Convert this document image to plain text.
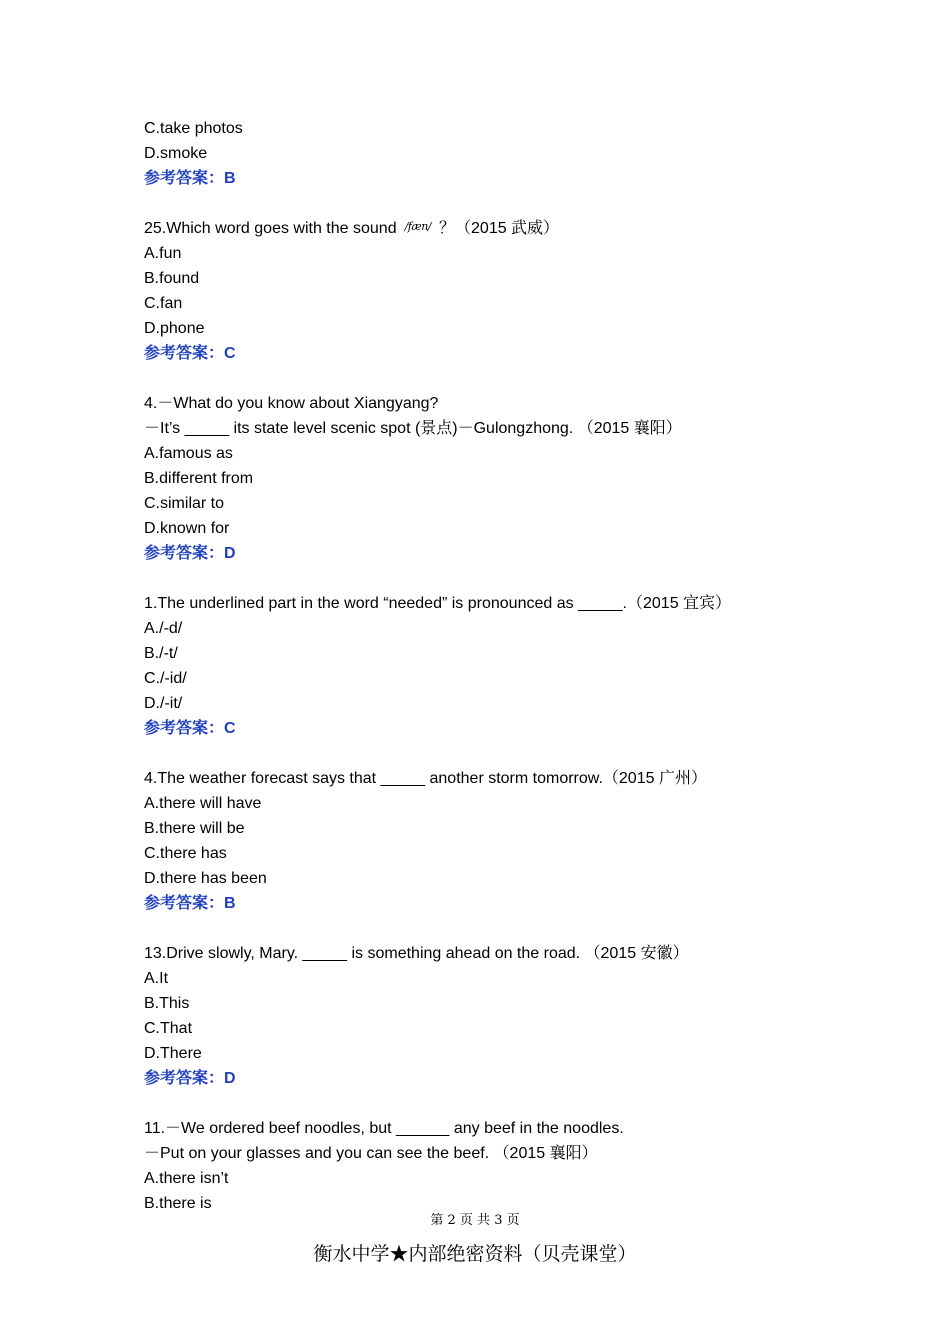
C.take photos
D.smoke
参考答案：B
25.Which word goes with the sound /fæn/ ？（2015 武威）
A.fun
B.found
C.fan
D.phone
参考答案：C
4.－What do you know about Xiangyang?
－It’s _____ its state level scenic spot (景点)－Gulongzhong. （2015 襄阳）
A.famous as
B.different from
C.similar to
D.known for
参考答案：D
1.The underlined part in the word “needed” is pronounced as _____.（2015 宜宾）
A./-d/
B./-t/
C./-id/
D./-it/
参考答案：C
4.The weather forecast says that _____ another storm tomorrow.（2015 广州）
A.there will have
B.there will be
C.there has
D.there has been
参考答案：B
13.Drive slowly, Mary. _____ is something ahead on the road. （2015 安徽）
A.It
B.This
C.That
D.There
参考答案：D
11.－We ordered beef noodles, but ______ any beef in the noodles.
－Put on your glasses and you can see the beef. （2015 襄阳）
A.there isn’t
B.there is
第 2 页 共 3 页
衡水中学★内部绝密资料（贝壳课堂）
